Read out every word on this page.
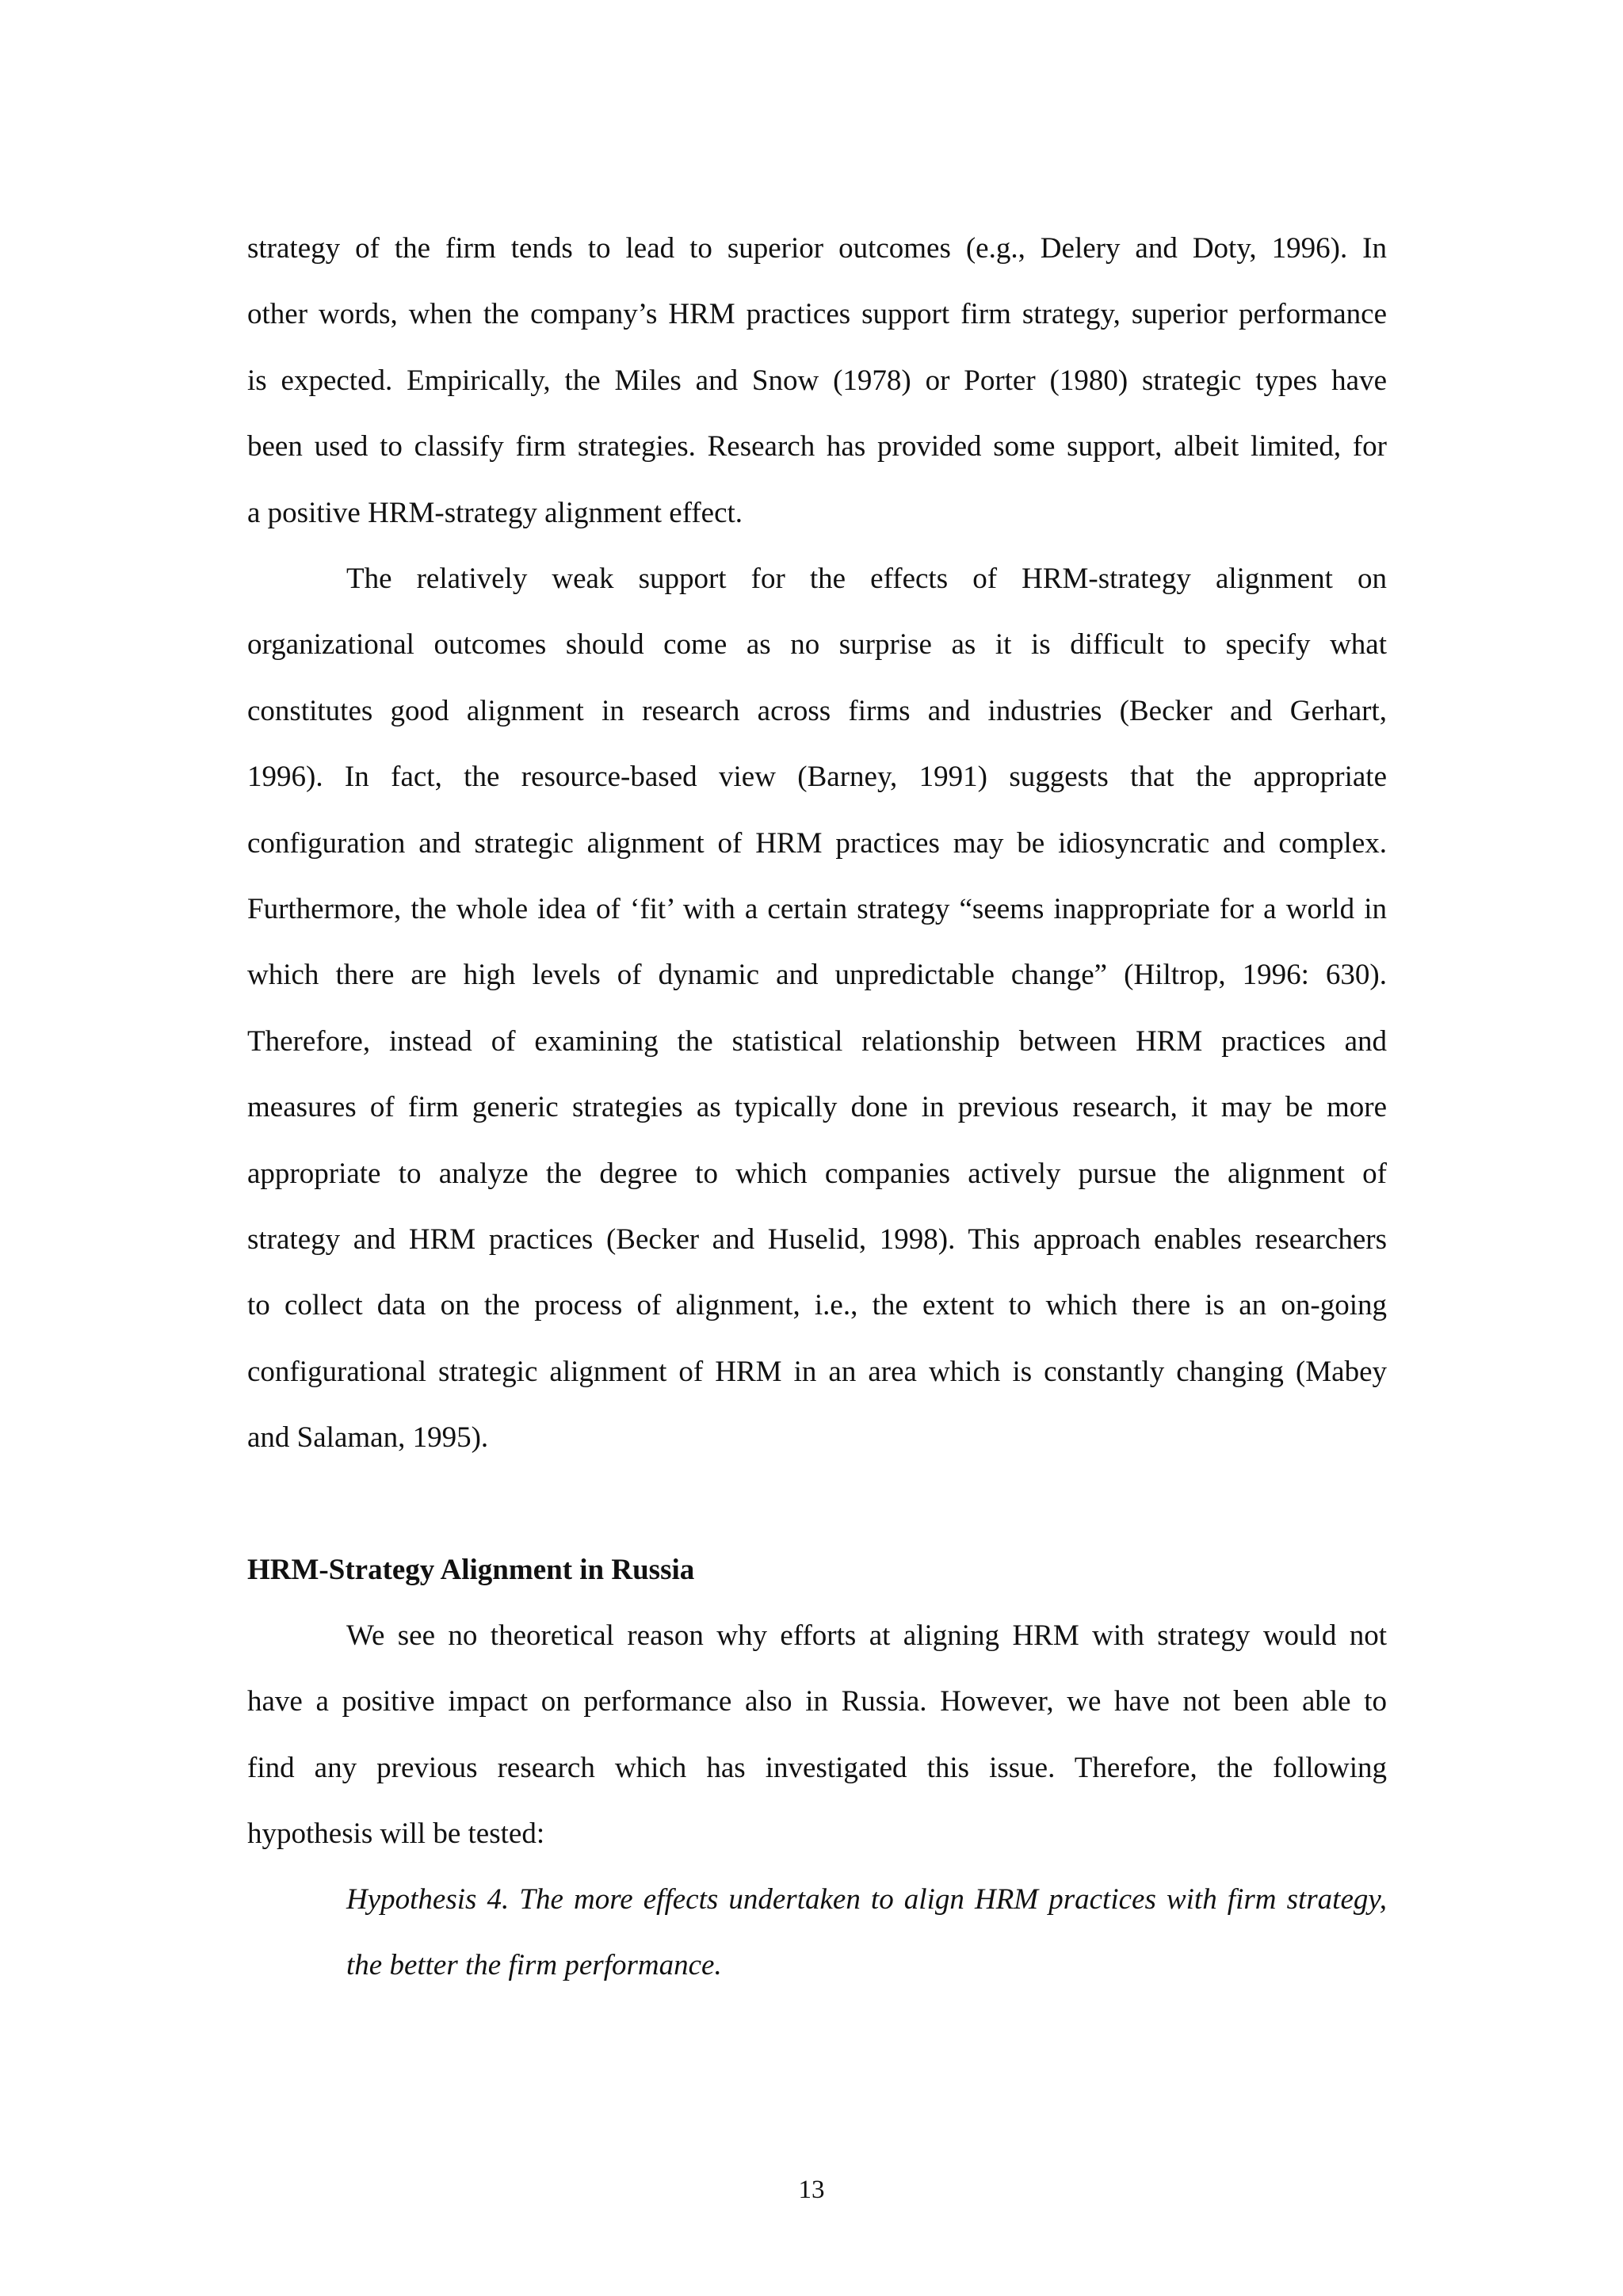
strategy of the firm tends to lead to superior outcomes (e.g., Delery and Doty, 1996). In
other words, when the company’s HRM practices support firm strategy, superior performance
is expected. Empirically, the Miles and Snow (1978) or Porter (1980) strategic types have
been used to classify firm strategies. Research has provided some support, albeit limited, for
a positive HRM-strategy alignment effect.

The relatively weak support for the effects of HRM-strategy alignment on
organizational outcomes should come as no surprise as it is difficult to specify what
constitutes good alignment in research across firms and industries (Becker and Gerhart,
1996). In fact, the resource-based view (Barney, 1991) suggests that the appropriate
configuration and strategic alignment of HRM practices may be idiosyncratic and complex.
Furthermore, the whole idea of ‘fit’ with a certain strategy “seems inappropriate for a world in
which there are high levels of dynamic and unpredictable change” (Hiltrop, 1996: 630).
Therefore, instead of examining the statistical relationship between HRM practices and
measures of firm generic strategies as typically done in previous research, it may be more
appropriate to analyze the degree to which companies actively pursue the alignment of
strategy and HRM practices (Becker and Huselid, 1998). This approach enables researchers
to collect data on the process of alignment, i.e., the extent to which there is an on-going
configurational strategic alignment of HRM in an area which is constantly changing (Mabey
and Salaman, 1995).

HRM-Strategy Alignment in Russia

We see no theoretical reason why efforts at aligning HRM with strategy would not
have a positive impact on performance also in Russia. However, we have not been able to
find any previous research which has investigated this issue. Therefore, the following
hypothesis will be tested:

Hypothesis 4. The more effects undertaken to align HRM practices with firm strategy,
the better the firm performance.

13
